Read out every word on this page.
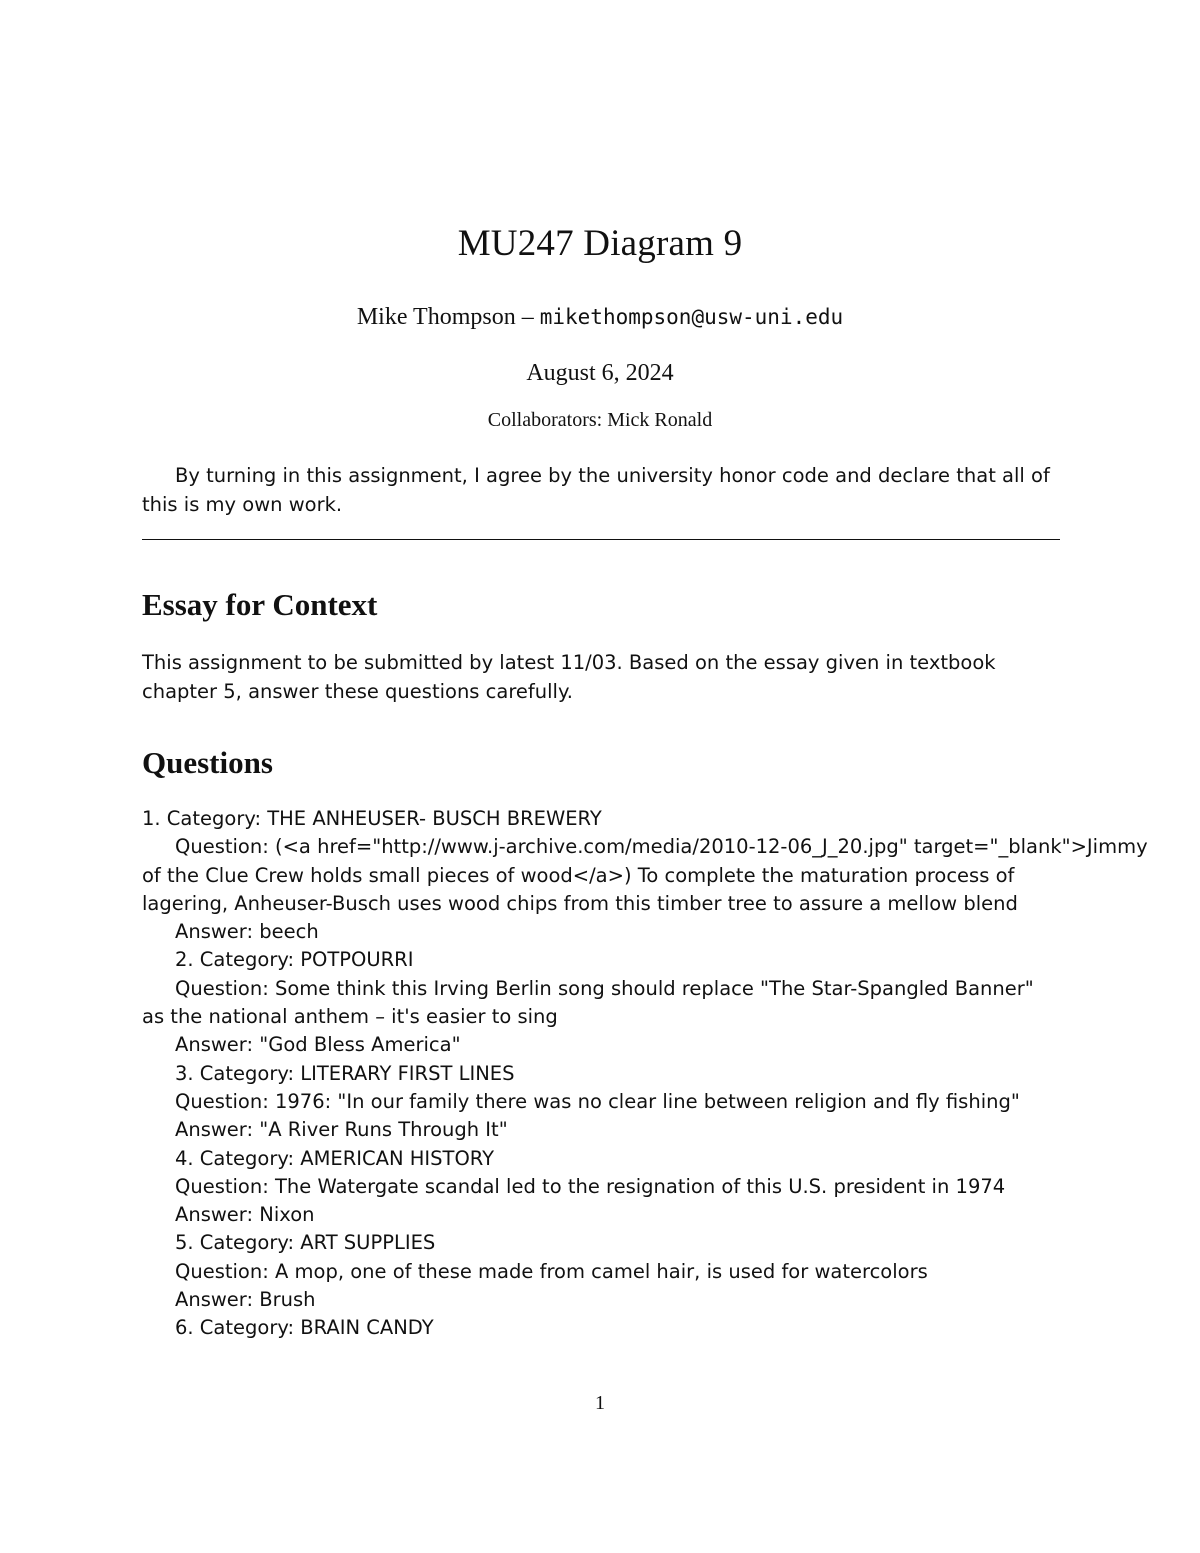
MU247 Diagram 9
Mike Thompson – mikethompson@usw-uni.edu
August 6, 2024
Collaborators: Mick Ronald

By turning in this assignment, I agree by the university honor code and declare that all of this is my own work.

Essay for Context

This assignment to be submitted by latest 11/03. Based on the essay given in textbook chapter 5, answer these questions carefully.

Questions
1. Category: THE ANHEUSER- BUSCH BREWERY
Question: (<a href="http://www.j-archive.com/media/2010-12-06_J_20.jpg" target="_blank">Jimmy
of the Clue Crew holds small pieces of wood</a>) To complete the maturation process of
lagering, Anheuser-Busch uses wood chips from this timber tree to assure a mellow blend
Answer: beech
2. Category: POTPOURRI
Question: Some think this Irving Berlin song should replace "The Star-Spangled Banner"
as the national anthem – it's easier to sing
Answer: "God Bless America"
3. Category: LITERARY FIRST LINES
Question: 1976: "In our family there was no clear line between religion and fly fishing"
Answer: "A River Runs Through It"
4. Category: AMERICAN HISTORY
Question: The Watergate scandal led to the resignation of this U.S. president in 1974
Answer: Nixon
5. Category: ART SUPPLIES
Question: A mop, one of these made from camel hair, is used for watercolors
Answer: Brush
6. Category: BRAIN CANDY
1
